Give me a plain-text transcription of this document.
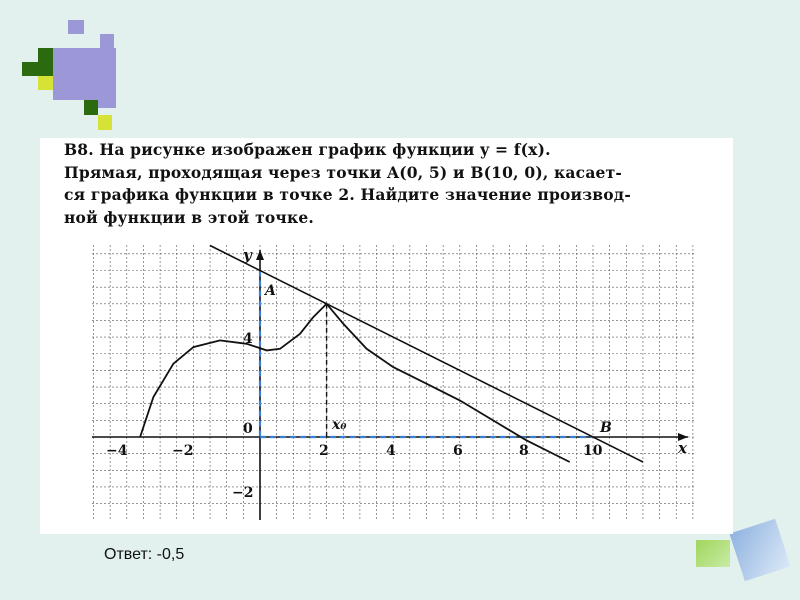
B8. На рисунке изображен график функции y = f(x).
Прямая, проходящая через точки A(0, 5) и B(10, 0), касает-
ся графика функции в точке 2. Найдите значение производ-
ной функции в этой точке.
−4	−2
0
2	4	6	8	10
4
−2
x
y
A
B
x₀
Ответ: -0,5
